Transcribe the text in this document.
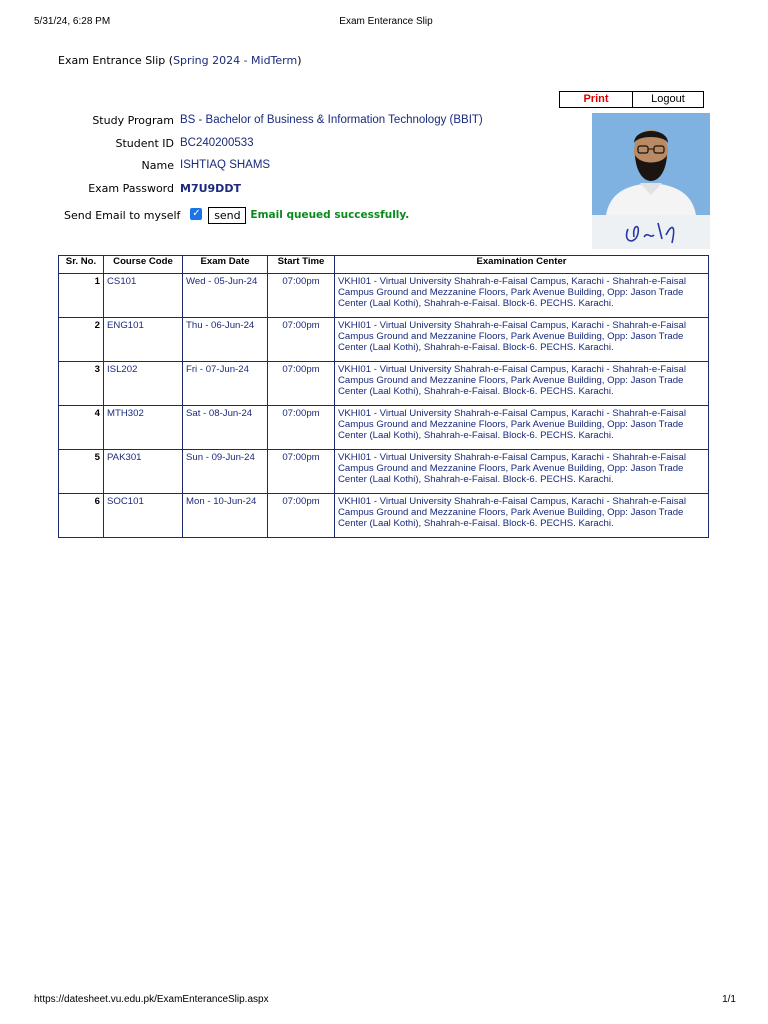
5/31/24, 6:28 PM	Exam Enterance Slip
Exam Entrance Slip (Spring 2024 - MidTerm)
Print	Logout
Study Program BS - Bachelor of Business & Information Technology (BBIT)
Student ID BC240200533
Name ISHTIAQ SHAMS
Exam Password M7U9DDT
Send Email to myself ✓	send Email queued successfully.
Sr. No.	Course Code	Exam Date	Start Time	Examination Center
1	CS101	Wed - 05-Jun-24	07:00pm	VKHI01 - Virtual University Shahrah-e-Faisal Campus, Karachi - Shahrah-e-Faisal Campus Ground and Mezzanine Floors, Park Avenue Building, Opp: Jason Trade Center (Laal Kothi), Shahrah-e-Faisal. Block-6. PECHS. Karachi.
2	ENG101	Thu - 06-Jun-24	07:00pm	VKHI01 - Virtual University Shahrah-e-Faisal Campus, Karachi - Shahrah-e-Faisal Campus Ground and Mezzanine Floors, Park Avenue Building, Opp: Jason Trade Center (Laal Kothi), Shahrah-e-Faisal. Block-6. PECHS. Karachi.
3	ISL202	Fri - 07-Jun-24	07:00pm	VKHI01 - Virtual University Shahrah-e-Faisal Campus, Karachi - Shahrah-e-Faisal Campus Ground and Mezzanine Floors, Park Avenue Building, Opp: Jason Trade Center (Laal Kothi), Shahrah-e-Faisal. Block-6. PECHS. Karachi.
4	MTH302	Sat - 08-Jun-24	07:00pm	VKHI01 - Virtual University Shahrah-e-Faisal Campus, Karachi - Shahrah-e-Faisal Campus Ground and Mezzanine Floors, Park Avenue Building, Opp: Jason Trade Center (Laal Kothi), Shahrah-e-Faisal. Block-6. PECHS. Karachi.
5	PAK301	Sun - 09-Jun-24	07:00pm	VKHI01 - Virtual University Shahrah-e-Faisal Campus, Karachi - Shahrah-e-Faisal Campus Ground and Mezzanine Floors, Park Avenue Building, Opp: Jason Trade Center (Laal Kothi), Shahrah-e-Faisal. Block-6. PECHS. Karachi.
6	SOC101	Mon - 10-Jun-24	07:00pm	VKHI01 - Virtual University Shahrah-e-Faisal Campus, Karachi - Shahrah-e-Faisal Campus Ground and Mezzanine Floors, Park Avenue Building, Opp: Jason Trade Center (Laal Kothi), Shahrah-e-Faisal. Block-6. PECHS. Karachi.
https://datesheet.vu.edu.pk/ExamEnteranceSlip.aspx	1/1
